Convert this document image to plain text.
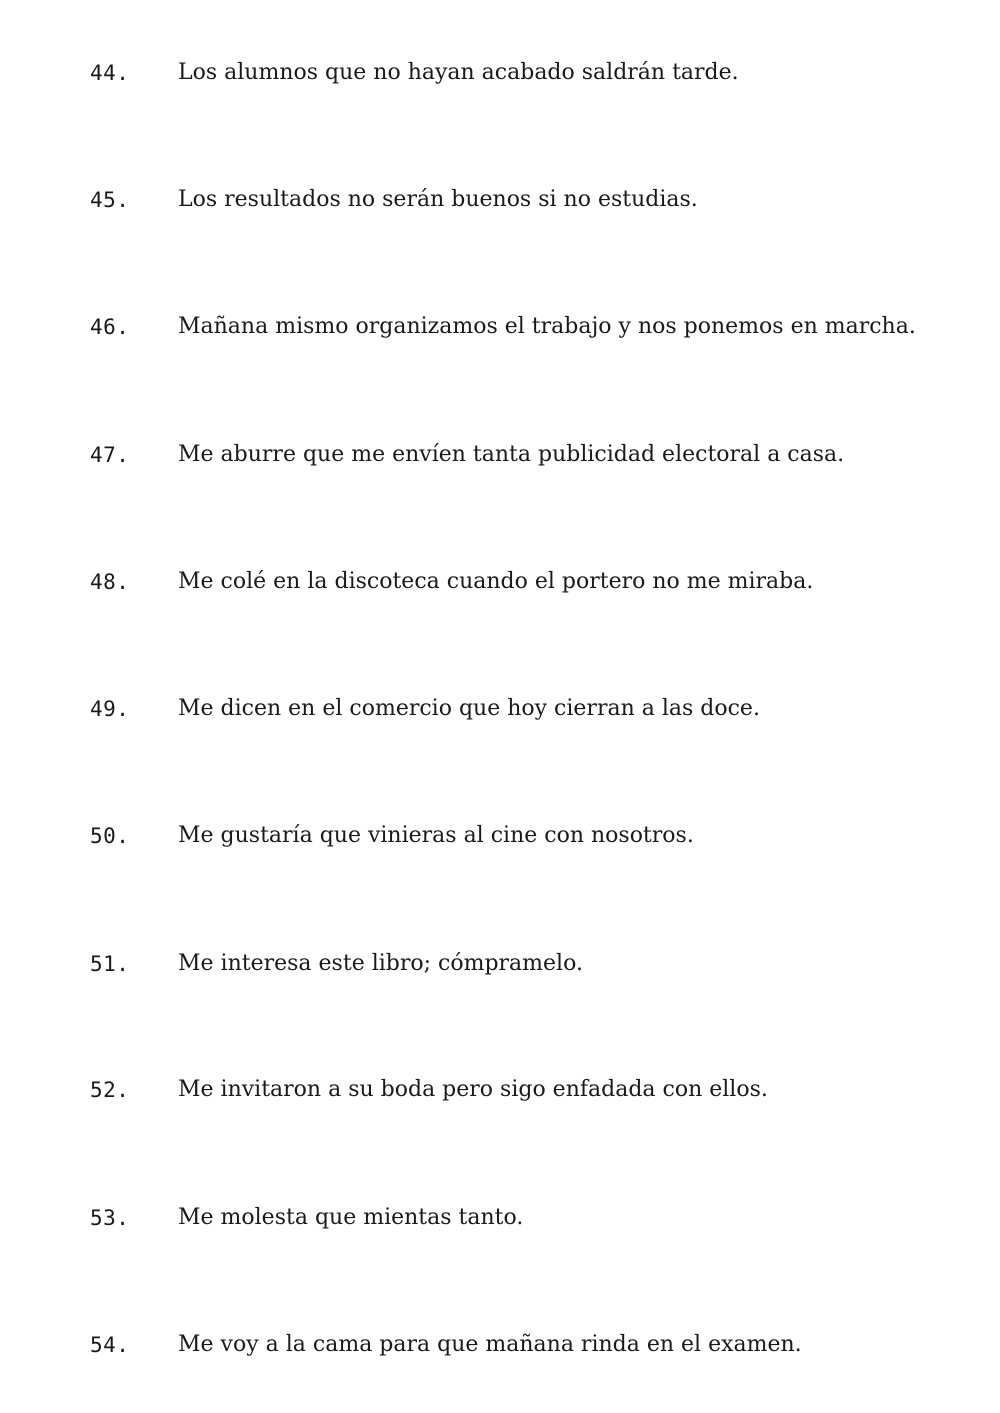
44.	Los alumnos que no hayan acabado saldrán tarde.
45.	Los resultados no serán buenos si no estudias.
46.	Mañana mismo organizamos el trabajo y nos ponemos en marcha.
47.	Me aburre que me envíen tanta publicidad electoral a casa.
48.	Me colé en la discoteca cuando el portero no me miraba.
49.	Me dicen en el comercio que hoy cierran a las doce.
50.	Me gustaría que vinieras al cine con nosotros.
51.	Me interesa este libro; cómpramelo.
52.	Me invitaron a su boda pero sigo enfadada con ellos.
53.	Me molesta que mientas tanto.
54.	Me voy a la cama para que mañana rinda en el examen.
